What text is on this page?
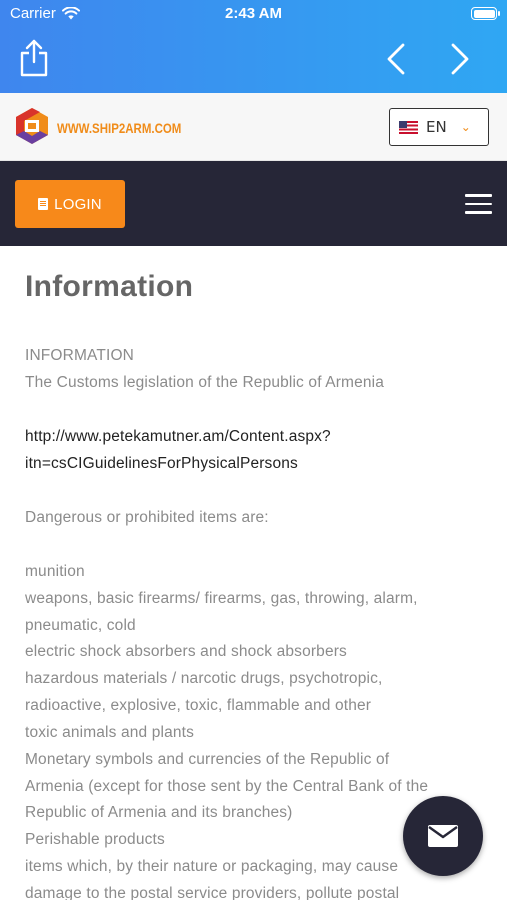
Carrier	2:43 AM
WWW.SHIP2ARM.COM	EN ⌄
LOGIN
Information
INFORMATION
The Customs legislation of the Republic of Armenia
http://www.petekamutner.am/Content.aspx?
itn=csCIGuidelinesForPhysicalPersons
Dangerous or prohibited items are:
munition
weapons, basic firearms/ firearms, gas, throwing, alarm,
pneumatic, cold
electric shock absorbers and shock absorbers
hazardous materials / narcotic drugs, psychotropic,
radioactive, explosive, toxic, flammable and other
toxic animals and plants
Monetary symbols and currencies of the Republic of
Armenia (except for those sent by the Central Bank of the
Republic of Armenia and its branches)
Perishable products
items which, by their nature or packaging, may cause
damage to the postal service providers, pollute postal
